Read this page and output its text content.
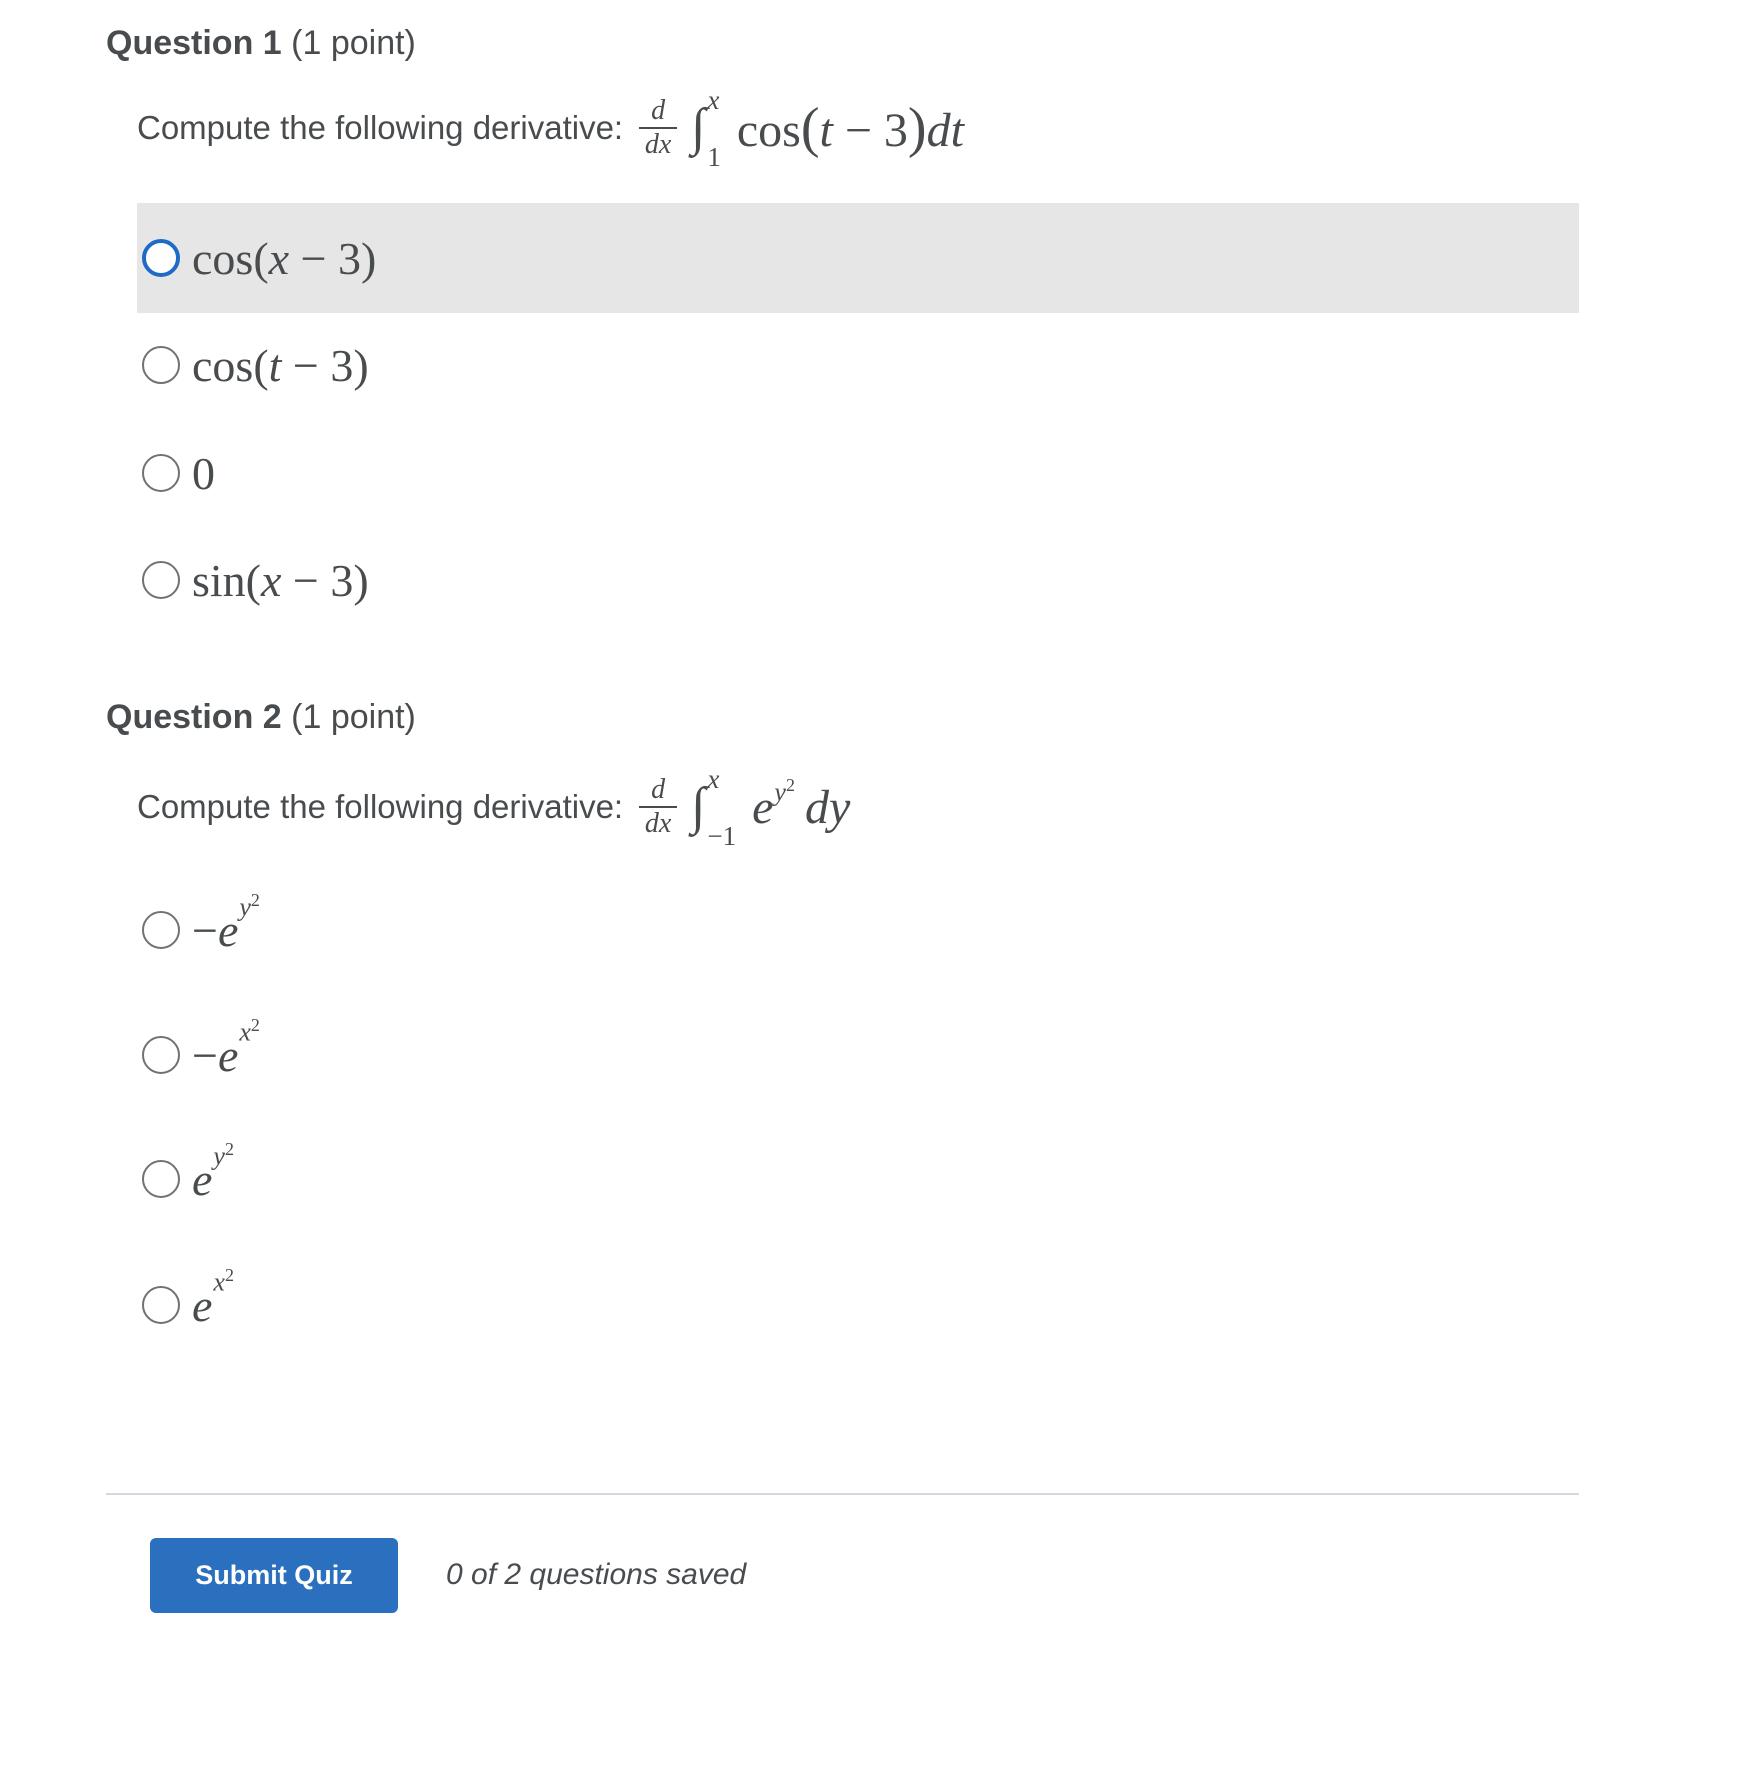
Question 1 (1 point)
Compute the following derivative: $\frac{d}{dx}$ ∫ x
1 cos ( t − 3 ) dt
cos( x − 3)
cos( t − 3)
0
sin( x − 3)
Question 2 (1 point)
Compute the following derivative: $\frac{d}{dx}$ ∫ x
−1
e $y^2$ dy
− e $y^2$
− e $x^2$
e $y^2$
e $x^2$
Submit Quiz	0 of 2 questions saved
